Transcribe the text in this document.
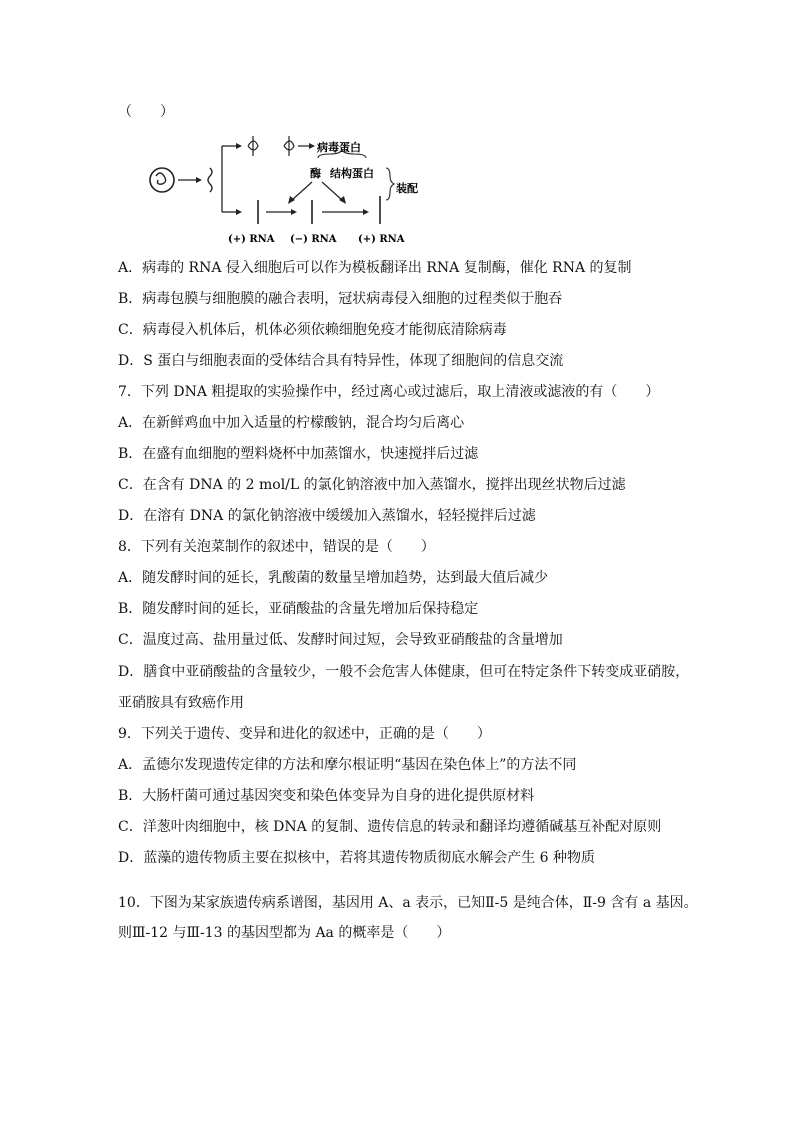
（　　）
病毒蛋白
酶 结构蛋白
装配
(+) RNA (−) RNA (+) RNA
A．病毒的 RNA 侵入细胞后可以作为模板翻译出 RNA 复制酶，催化 RNA 的复制
B．病毒包膜与细胞膜的融合表明，冠状病毒侵入细胞的过程类似于胞吞
C．病毒侵入机体后，机体必须依赖细胞免疫才能彻底清除病毒
D．S 蛋白与细胞表面的受体结合具有特异性，体现了细胞间的信息交流
7．下列 DNA 粗提取的实验操作中，经过离心或过滤后，取上清液或滤液的有（　　）
A．在新鲜鸡血中加入适量的柠檬酸钠，混合均匀后离心
B．在盛有血细胞的塑料烧杯中加蒸馏水，快速搅拌后过滤
C．在含有 DNA 的 2 mol/L 的氯化钠溶液中加入蒸馏水，搅拌出现丝状物后过滤
D．在溶有 DNA 的氯化钠溶液中缓缓加入蒸馏水，轻轻搅拌后过滤
8．下列有关泡菜制作的叙述中，错误的是（　　）
A．随发酵时间的延长，乳酸菌的数量呈增加趋势，达到最大值后减少
B．随发酵时间的延长，亚硝酸盐的含量先增加后保持稳定
C．温度过高、盐用量过低、发酵时间过短，会导致亚硝酸盐的含量增加
D．膳食中亚硝酸盐的含量较少，一般不会危害人体健康，但可在特定条件下转变成亚硝胺，
亚硝胺具有致癌作用
9．下列关于遗传、变异和进化的叙述中，正确的是（　　）
A．孟德尔发现遗传定律的方法和摩尔根证明“基因在染色体上”的方法不同
B．大肠杆菌可通过基因突变和染色体变异为自身的进化提供原材料
C．洋葱叶肉细胞中，核 DNA 的复制、遗传信息的转录和翻译均遵循碱基互补配对原则
D．蓝藻的遗传物质主要在拟核中，若将其遗传物质彻底水解会产生 6 种物质
10．下图为某家族遗传病系谱图，基因用 A、a 表示，已知Ⅱ-5 是纯合体，Ⅱ-9 含有 a 基因。
则Ⅲ-12 与Ⅲ-13 的基因型都为 Aa 的概率是（　　）
